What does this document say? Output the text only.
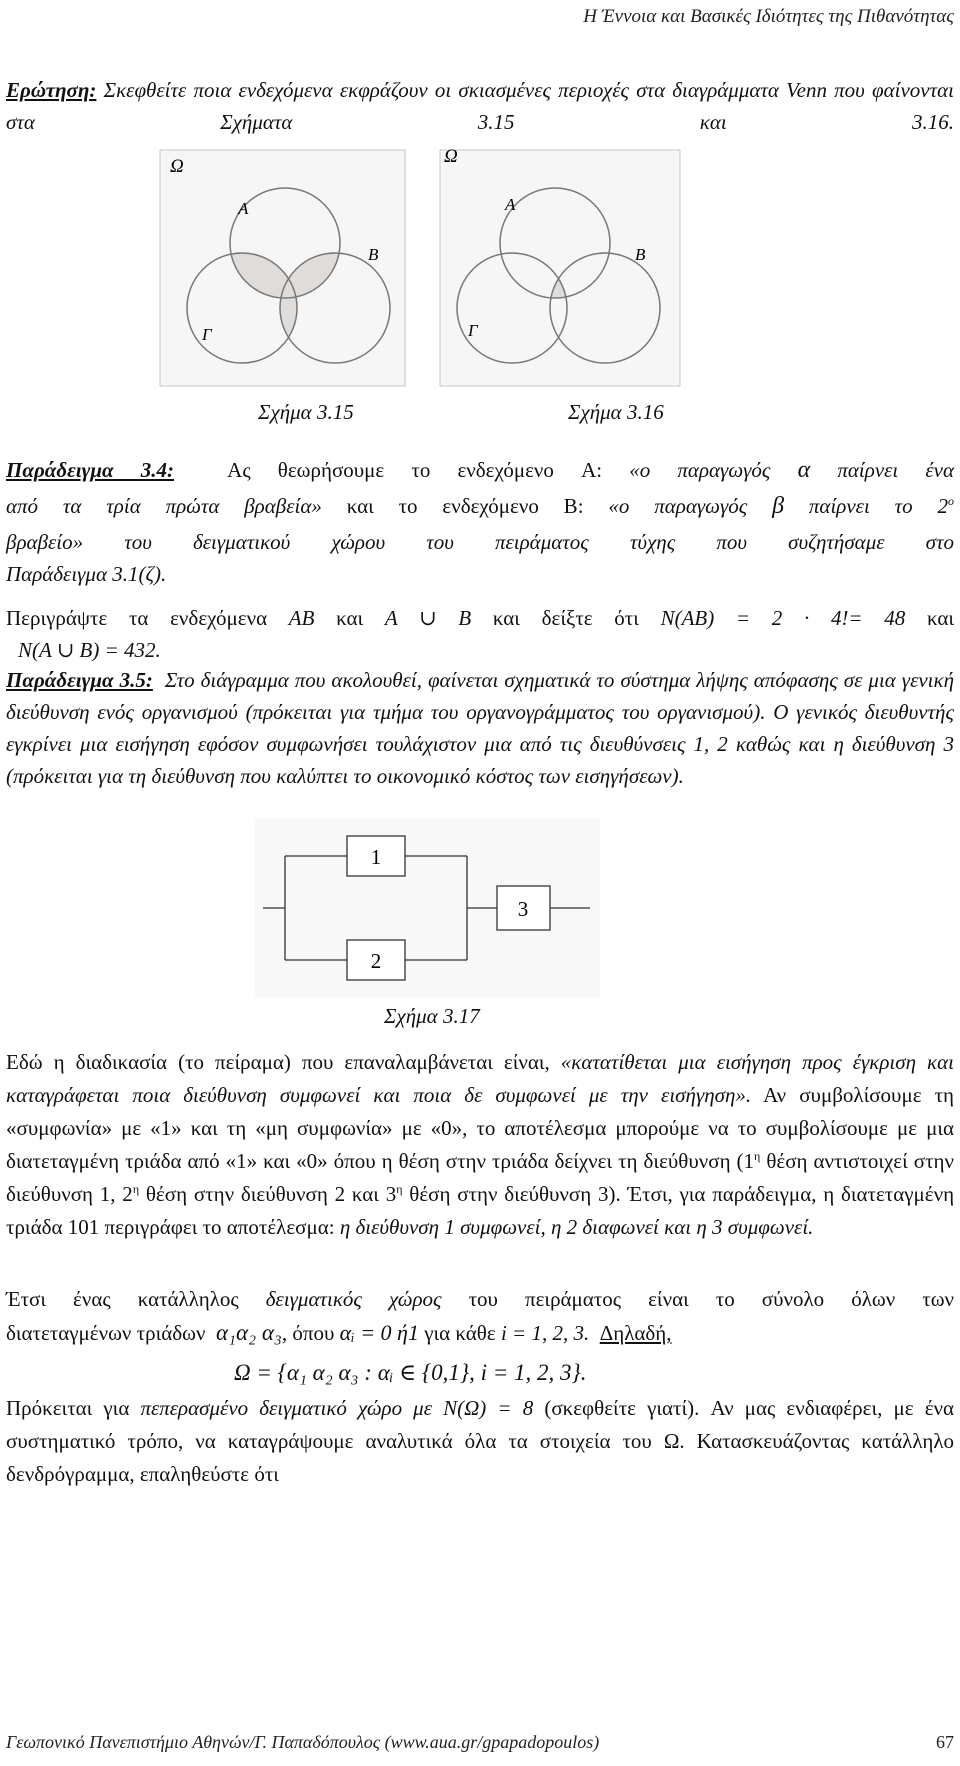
Η Έννοια και Βασικές Ιδιότητες της Πιθανότητας
Ερώτηση: Σκεφθείτε ποια ενδεχόμενα εκφράζουν οι σκιασμένες περιοχές στα διαγράμματα Venn που φαίνονται στα Σχήματα 3.15 και 3.16.
Ω
A
B
Γ
Ω
A
B
Γ
Σχήμα 3.15	Σχήμα 3.16
Παράδειγμα 3.4:	Ας θεωρήσουμε το ενδεχόμενο A: «ο παραγωγός α παίρνει ένα
από τα τρία πρώτα βραβεία» και το ενδεχόμενο B: «ο παραγωγός β παίρνει το $2^o$
βραβείο» του δειγματικού χώρου του πειράματος τύχης που συζητήσαμε στο
Παράδειγμα 3.1(ζ).
Περιγράψτε τα ενδεχόμενα AB και A ∪ B και δείξτε ότι N(AB) = 2 · 4!= 48 και
N(A ∪ B) = 432.
Παράδειγμα 3.5: Στο διάγραμμα που ακολουθεί, φαίνεται σχηματικά το σύστημα λήψης απόφασης σε μια γενική διεύθυνση ενός οργανισμού (πρόκειται για τμήμα του οργανογράμματος του οργανισμού). Ο γενικός διευθυντής εγκρίνει μια εισήγηση εφόσον συμφωνήσει τουλάχιστον μια από τις διευθύνσεις 1, 2 καθώς και η διεύθυνση 3 (πρόκειται για τη διεύθυνση που καλύπτει το οικονομικό κόστος των εισηγήσεων).
1
2
3
Σχήμα 3.17
Εδώ η διαδικασία (το πείραμα) που επαναλαμβάνεται είναι, «κατατίθεται μια εισήγηση προς έγκριση και καταγράφεται ποια διεύθυνση συμφωνεί και ποια δε συμφωνεί με την εισήγηση». Αν συμβολίσουμε τη «συμφωνία» με «1» και τη «μη συμφωνία» με «0», το αποτέλεσμα μπορούμε να το συμβολίσουμε με μια διατεταγμένη τριάδα από «1» και «0» όπου η θέση στην τριάδα δείχνει τη διεύθυνση ($1^\eta$ θέση αντιστοιχεί στην διεύθυνση 1, $2^\eta$ θέση στην διεύθυνση 2 και $3^\eta$ θέση στην διεύθυνση 3). Έτσι, για παράδειγμα, η διατεταγμένη τριάδα 101 περιγράφει το αποτέλεσμα: η διεύθυνση 1 συμφωνεί, η 2 διαφωνεί και η 3 συμφωνεί.
Έτσι ένας κατάλληλος δειγματικός χώρος του πειράματος είναι το σύνολο όλων των
διατεταγμένων τριάδων α₁α₂ α₃, όπου αᵢ = 0 ή1 για κάθε i = 1, 2, 3. Δηλαδή,
Ω = {α₁ α₂ α₃ : αᵢ ∈ {0,1}, i = 1, 2, 3}.
Πρόκειται για πεπερασμένο δειγματικό χώρο με N(Ω) = 8 (σκεφθείτε γιατί). Αν μας ενδιαφέρει, με ένα συστηματικό τρόπο, να καταγράψουμε αναλυτικά όλα τα στοιχεία του Ω. Κατασκευάζοντας κατάλληλο δενδρόγραμμα, επαληθεύστε ότι
Γεωπονικό Πανεπιστήμιο Αθηνών/Γ. Παπαδόπουλος (www.aua.gr/gpapadopoulos)	67
